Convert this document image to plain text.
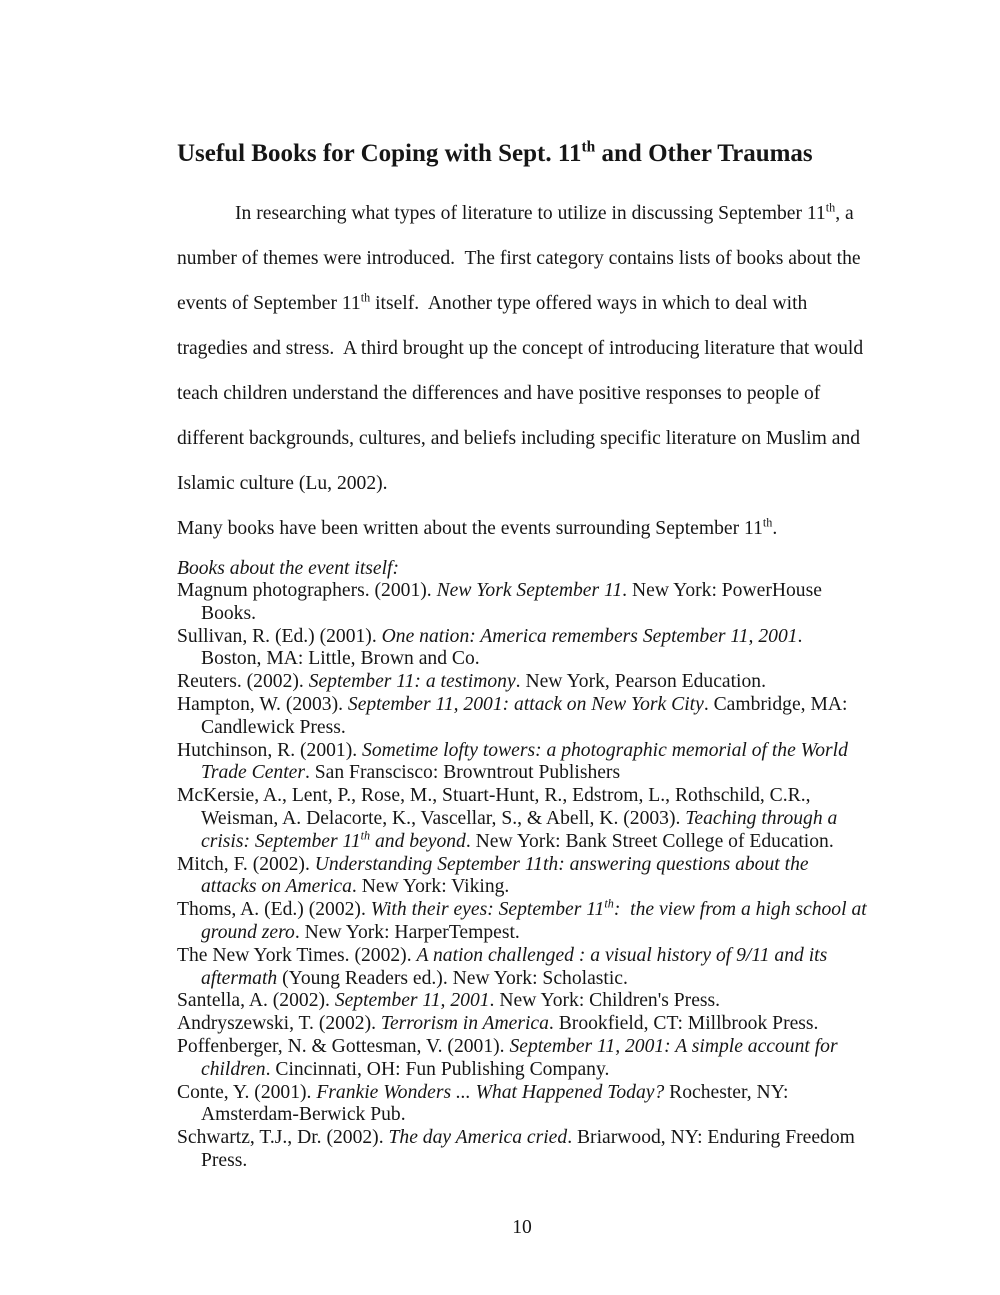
Useful Books for Coping with Sept. 11th and Other Traumas

In researching what types of literature to utilize in discussing September 11th, a number of themes were introduced.  The first category contains lists of books about the events of September 11th itself.  Another type offered ways in which to deal with tragedies and stress.  A third brought up the concept of introducing literature that would teach children understand the differences and have positive responses to people of different backgrounds, cultures, and beliefs including specific literature on Muslim and Islamic culture (Lu, 2002).

Many books have been written about the events surrounding September 11th.

Books about the event itself:

Magnum photographers. (2001). New York September 11. New York: PowerHouse Books.
Sullivan, R. (Ed.) (2001). One nation: America remembers September 11, 2001. Boston, MA: Little, Brown and Co.
Reuters. (2002). September 11: a testimony. New York, Pearson Education.
Hampton, W. (2003). September 11, 2001: attack on New York City. Cambridge, MA: Candlewick Press.
Hutchinson, R. (2001). Sometime lofty towers: a photographic memorial of the World Trade Center. San Franscisco: Browntrout Publishers
McKersie, A., Lent, P., Rose, M., Stuart-Hunt, R., Edstrom, L., Rothschild, C.R., Weisman, A. Delacorte, K., Vascellar, S., & Abell, K. (2003). Teaching through a crisis: September 11th and beyond. New York: Bank Street College of Education.
Mitch, F. (2002). Understanding September 11th: answering questions about the attacks on America. New York: Viking.
Thoms, A. (Ed.) (2002). With their eyes: September 11th:  the view from a high school at ground zero. New York: HarperTempest.
The New York Times. (2002). A nation challenged : a visual history of 9/11 and its aftermath (Young Readers ed.). New York: Scholastic.
Santella, A. (2002). September 11, 2001. New York: Children's Press.
Andryszewski, T. (2002). Terrorism in America. Brookfield, CT: Millbrook Press.
Poffenberger, N. & Gottesman, V. (2001). September 11, 2001: A simple account for children. Cincinnati, OH: Fun Publishing Company.
Conte, Y. (2001). Frankie Wonders ... What Happened Today? Rochester, NY: Amsterdam-Berwick Pub.
Schwartz, T.J., Dr. (2002). The day America cried. Briarwood, NY: Enduring Freedom Press.
10
